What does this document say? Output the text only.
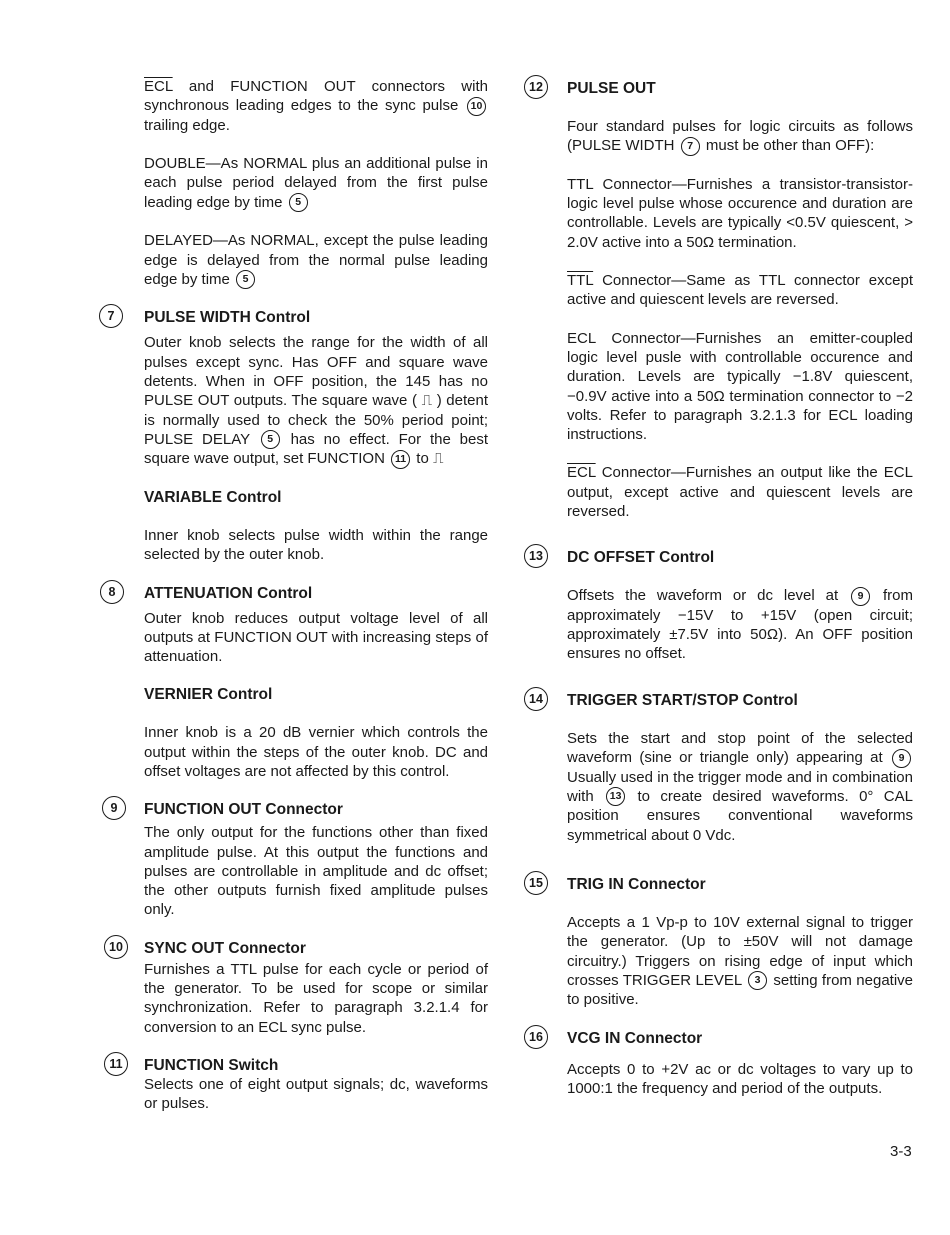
$\overline{ECL}$ and FUNCTION OUT connectors with synchronous leading edges to the sync pulse 10 trailing edge.

DOUBLE—As NORMAL plus an additional pulse in each pulse period delayed from the first pulse leading edge by time 5

DELAYED—As NORMAL, except the pulse leading edge is delayed from the normal pulse leading edge by time 5

7	PULSE WIDTH Control

Outer knob selects the range for the width of all pulses except sync. Has OFF and square wave detents. When in OFF position, the 145 has no PULSE OUT outputs. The square wave ( ⎍ ) detent is normally used to check the 50% period point; PULSE DELAY 5 has no effect. For the best square wave output, set FUNCTION 11 to ⎍

VARIABLE Control

Inner knob selects pulse width within the range selected by the outer knob.

8	ATTENUATION Control

Outer knob reduces output voltage level of all outputs at FUNCTION OUT with increasing steps of attenuation.

VERNIER Control

Inner knob is a 20 dB vernier which controls the output within the steps of the outer knob. DC and offset voltages are not affected by this control.

9	FUNCTION OUT Connector

The only output for the functions other than fixed amplitude pulse. At this output the functions and pulses are controllable in amplitude and dc offset; the other outputs furnish fixed amplitude pulses only.

10	SYNC OUT Connector

Furnishes a TTL pulse for each cycle or period of the generator. To be used for scope or similar synchronization. Refer to paragraph 3.2.1.4 for conversion to an ECL sync pulse.

11	FUNCTION Switch

Selects one of eight output signals; dc, waveforms or pulses.

12	PULSE OUT

Four standard pulses for logic circuits as follows (PULSE WIDTH 7 must be other than OFF):

TTL Connector—Furnishes a transistor-transistor-logic level pulse whose occurence and duration are controllable. Levels are typically <0.5V quiescent, > 2.0V active into a 50Ω termination.

$\overline{TTL}$ Connector—Same as TTL connector except active and quiescent levels are reversed.

ECL Connector—Furnishes an emitter-coupled logic level pusle with controllable occurence and duration. Levels are typically −1.8V quiescent, −0.9V active into a 50Ω termination connector to −2 volts. Refer to paragraph 3.2.1.3 for ECL loading instructions.

$\overline{ECL}$ Connector—Furnishes an output like the ECL output, except active and quiescent levels are reversed.

13	DC OFFSET Control

Offsets the waveform or dc level at 9 from approximately −15V to +15V (open circuit; approximately ±7.5V into 50Ω). An OFF position ensures no offset.

14	TRIGGER START/STOP Control

Sets the start and stop point of the selected waveform (sine or triangle only) appearing at 9 Usually used in the trigger mode and in combination with 13 to create desired waveforms. 0° CAL position ensures conventional waveforms symmetrical about 0 Vdc.

15	TRIG IN Connector

Accepts a 1 Vp-p to 10V external signal to trigger the generator. (Up to ±50V will not damage circuitry.) Triggers on rising edge of input which crosses TRIGGER LEVEL 3 setting from negative to positive.

16	VCG IN Connector

Accepts 0 to +2V ac or dc voltages to vary up to 1000:1 the frequency and period of the outputs.

3-3
